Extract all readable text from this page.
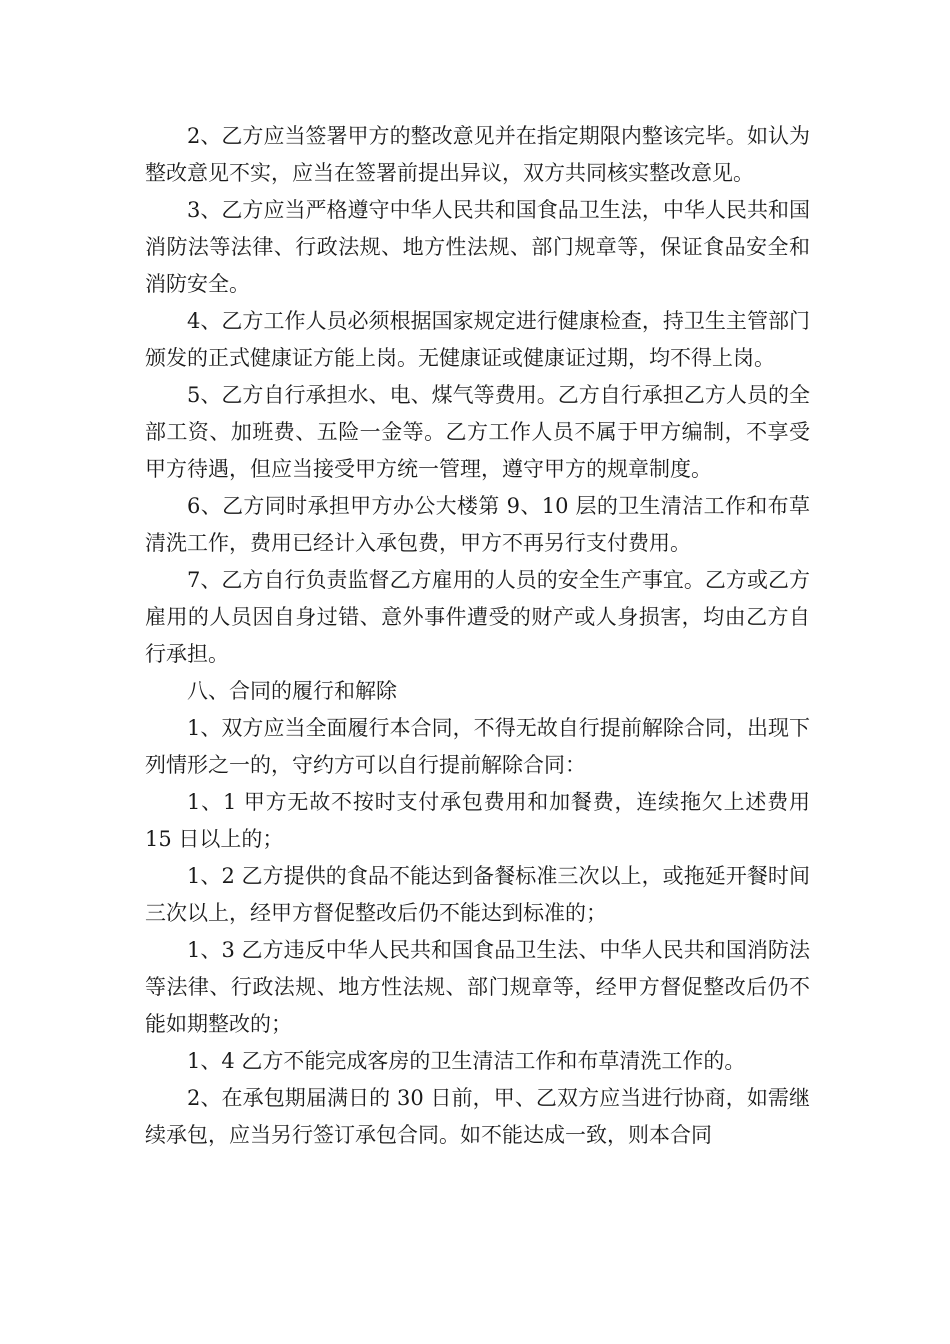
2、乙方应当签署甲方的整改意见并在指定期限内整该完毕。如认为整改意见不实，应当在签署前提出异议，双方共同核实整改意见。

3、乙方应当严格遵守中华人民共和国食品卫生法，中华人民共和国消防法等法律、行政法规、地方性法规、部门规章等，保证食品安全和消防安全。

4、乙方工作人员必须根据国家规定进行健康检查，持卫生主管部门颁发的正式健康证方能上岗。无健康证或健康证过期，均不得上岗。

5、乙方自行承担水、电、煤气等费用。乙方自行承担乙方人员的全部工资、加班费、五险一金等。乙方工作人员不属于甲方编制，不享受甲方待遇，但应当接受甲方统一管理，遵守甲方的规章制度。

6、乙方同时承担甲方办公大楼第 9、10 层的卫生清洁工作和布草清洗工作，费用已经计入承包费，甲方不再另行支付费用。

7、乙方自行负责监督乙方雇用的人员的安全生产事宜。乙方或乙方雇用的人员因自身过错、意外事件遭受的财产或人身损害，均由乙方自行承担。

八、合同的履行和解除

1、双方应当全面履行本合同，不得无故自行提前解除合同，出现下列情形之一的，守约方可以自行提前解除合同：

1、1 甲方无故不按时支付承包费用和加餐费，连续拖欠上述费用 15 日以上的；

1、2 乙方提供的食品不能达到备餐标准三次以上，或拖延开餐时间三次以上，经甲方督促整改后仍不能达到标准的；

1、3 乙方违反中华人民共和国食品卫生法、中华人民共和国消防法等法律、行政法规、地方性法规、部门规章等，经甲方督促整改后仍不能如期整改的；

1、4 乙方不能完成客房的卫生清洁工作和布草清洗工作的。

2、在承包期届满日的 30 日前，甲、乙双方应当进行协商，如需继续承包，应当另行签订承包合同。如不能达成一致，则本合同
